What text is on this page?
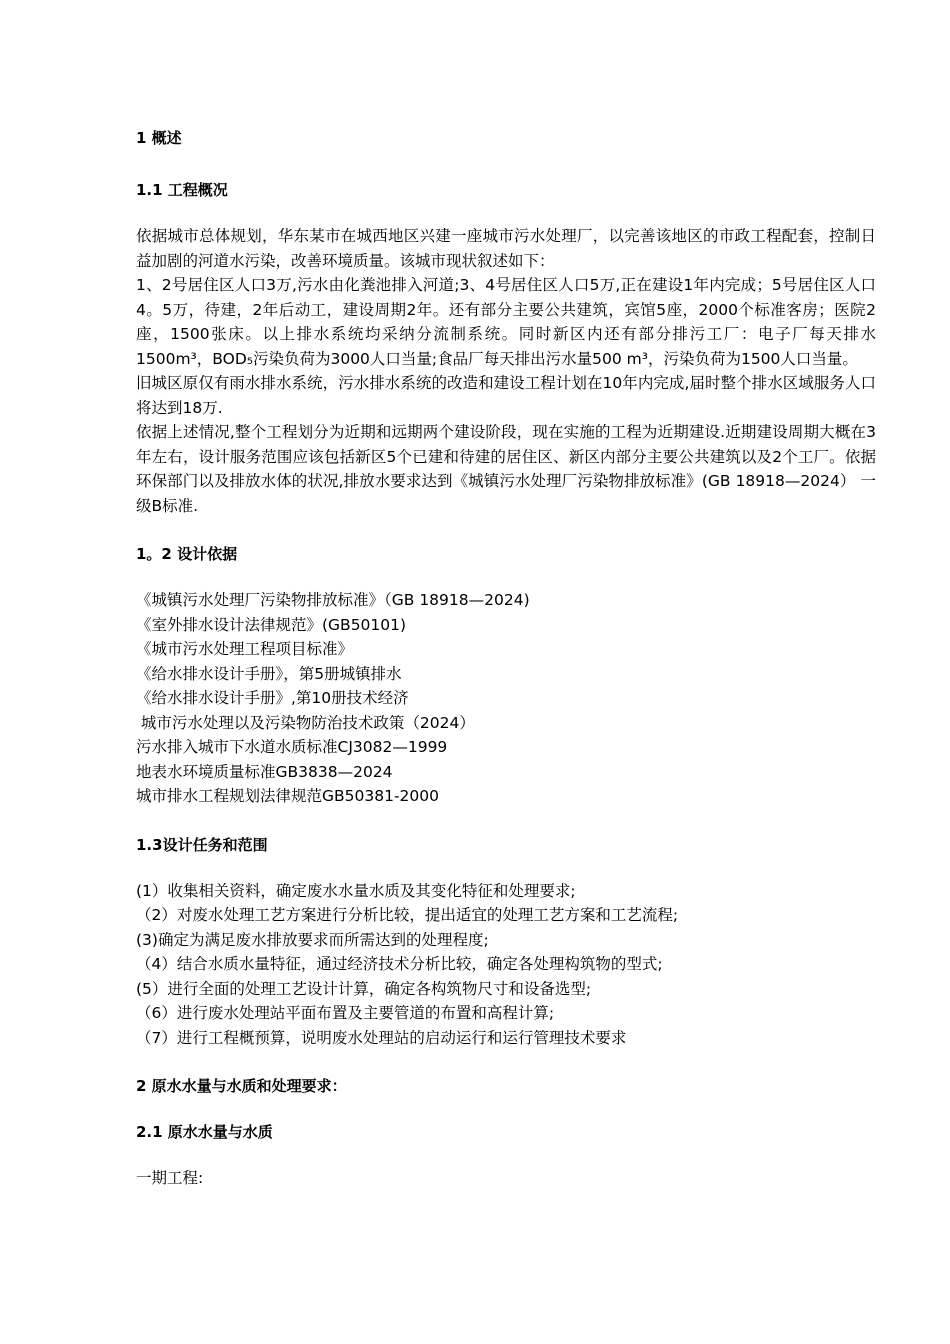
1 概述

1.1 工程概况

依据城市总体规划，华东某市在城西地区兴建一座城市污水处理厂，以完善该地区的市政工程配套，控制日益加剧的河道水污染，改善环境质量。该城市现状叙述如下：

1、2号居住区人口3万,污水由化粪池排入河道;3、4号居住区人口5万,正在建设1年内完成；5号居住区人口4。5万，待建，2年后动工，建设周期2年。还有部分主要公共建筑，宾馆5座，2000个标准客房；医院2座，1500张床。以上排水系统均采纳分流制系统。同时新区内还有部分排污工厂：电子厂每天排水1500m³，BOD₅污染负荷为3000人口当量;食品厂每天排出污水量500 m³，污染负荷为1500人口当量。

旧城区原仅有雨水排水系统，污水排水系统的改造和建设工程计划在10年内完成,届时整个排水区域服务人口将达到18万.

依据上述情况,整个工程划分为近期和远期两个建设阶段，现在实施的工程为近期建设.近期建设周期大概在3年左右，设计服务范围应该包括新区5个已建和待建的居住区、新区内部分主要公共建筑以及2个工厂。依据环保部门以及排放水体的状况,排放水要求达到《城镇污水处理厂污染物排放标准》(GB 18918—2024） 一级B标准.

1。2 设计依据

《城镇污水处理厂污染物排放标准》（GB 18918—2024)

《室外排水设计法律规范》(GB50101)

《城市污水处理工程项目标准》

《给水排水设计手册》，第5册城镇排水

《给水排水设计手册》,第10册技术经济

城市污水处理以及污染物防治技术政策（2024）

污水排入城市下水道水质标准CJ3082—1999

地表水环境质量标准GB3838—2024

城市排水工程规划法律规范GB50381-2000

1.3设计任务和范围

(1）收集相关资料，确定废水水量水质及其变化特征和处理要求;

（2）对废水处理工艺方案进行分析比较，提出适宜的处理工艺方案和工艺流程;

(3)确定为满足废水排放要求而所需达到的处理程度;

（4）结合水质水量特征，通过经济技术分析比较，确定各处理构筑物的型式;

(5）进行全面的处理工艺设计计算，确定各构筑物尺寸和设备选型;

（6）进行废水处理站平面布置及主要管道的布置和高程计算;

（7）进行工程概预算，说明废水处理站的启动运行和运行管理技术要求

2 原水水量与水质和处理要求：

2.1 原水水量与水质

一期工程:
